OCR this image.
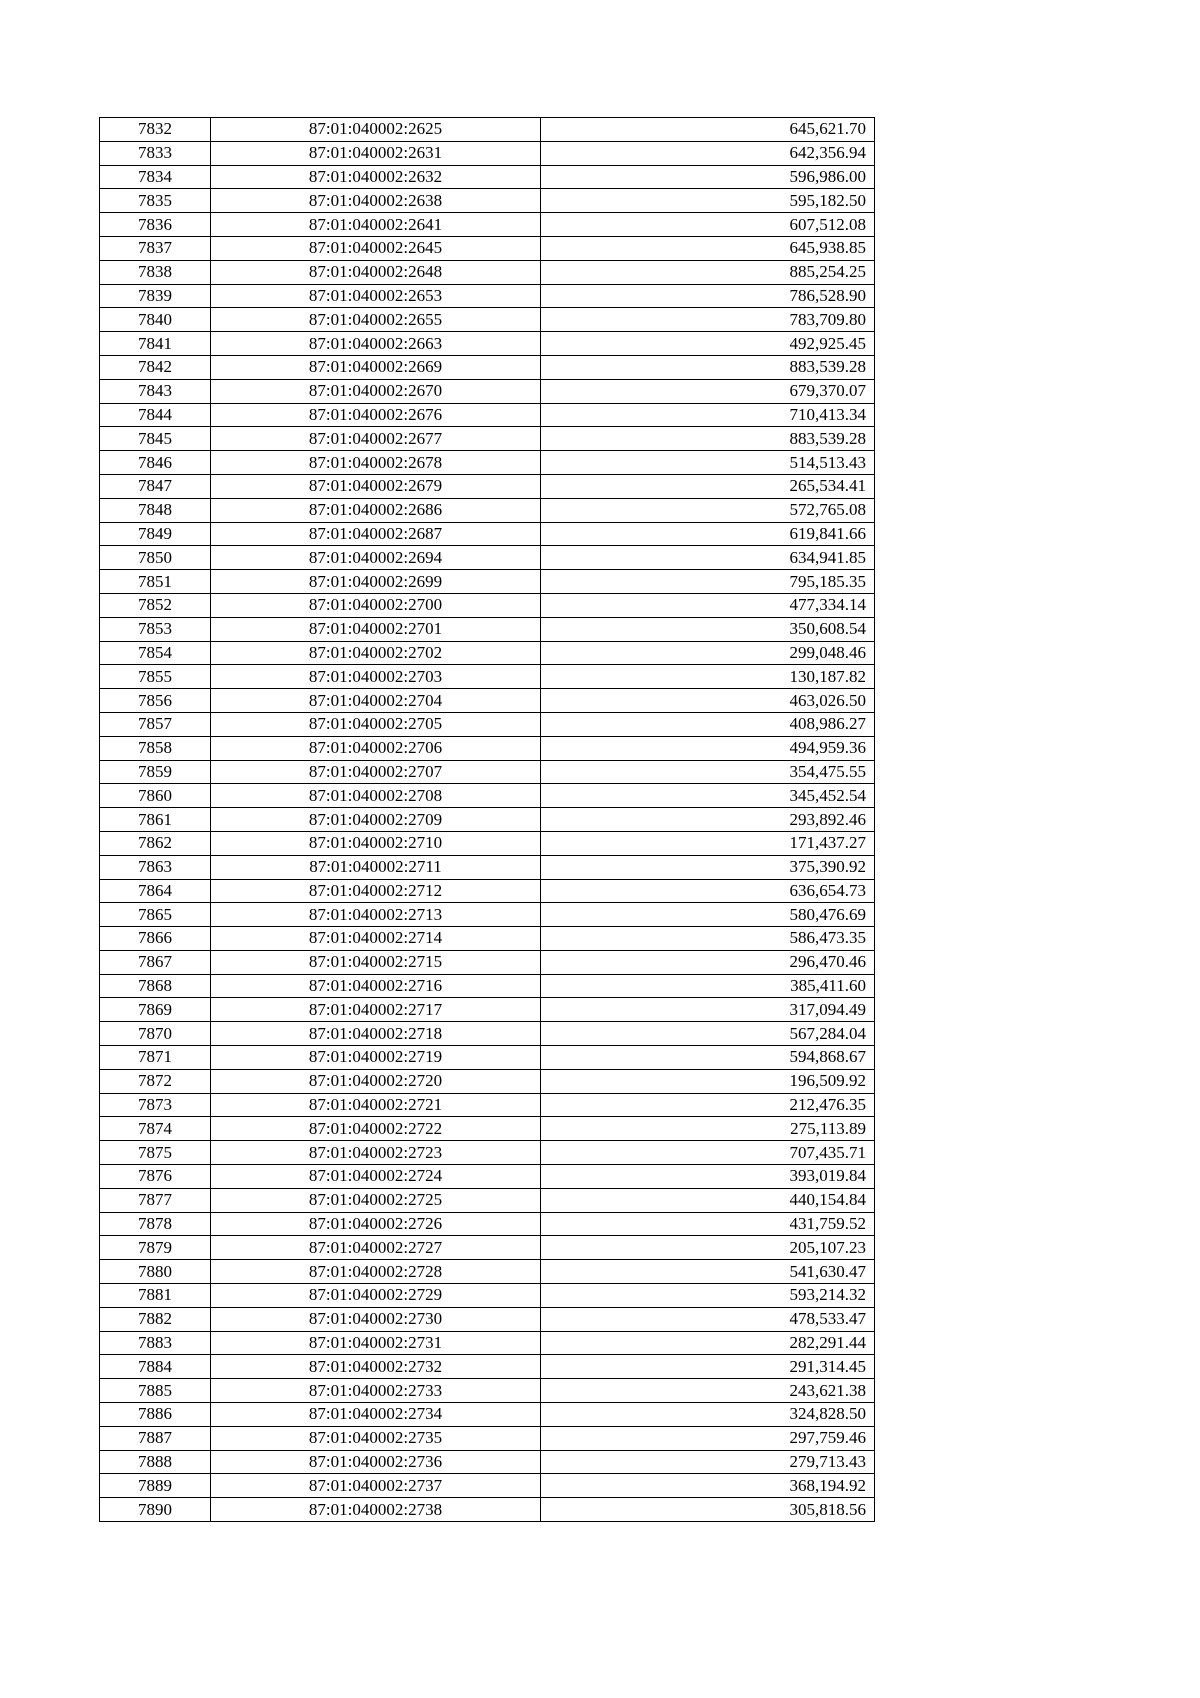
7832	87:01:040002:2625	645,621.70
7833	87:01:040002:2631	642,356.94
7834	87:01:040002:2632	596,986.00
7835	87:01:040002:2638	595,182.50
7836	87:01:040002:2641	607,512.08
7837	87:01:040002:2645	645,938.85
7838	87:01:040002:2648	885,254.25
7839	87:01:040002:2653	786,528.90
7840	87:01:040002:2655	783,709.80
7841	87:01:040002:2663	492,925.45
7842	87:01:040002:2669	883,539.28
7843	87:01:040002:2670	679,370.07
7844	87:01:040002:2676	710,413.34
7845	87:01:040002:2677	883,539.28
7846	87:01:040002:2678	514,513.43
7847	87:01:040002:2679	265,534.41
7848	87:01:040002:2686	572,765.08
7849	87:01:040002:2687	619,841.66
7850	87:01:040002:2694	634,941.85
7851	87:01:040002:2699	795,185.35
7852	87:01:040002:2700	477,334.14
7853	87:01:040002:2701	350,608.54
7854	87:01:040002:2702	299,048.46
7855	87:01:040002:2703	130,187.82
7856	87:01:040002:2704	463,026.50
7857	87:01:040002:2705	408,986.27
7858	87:01:040002:2706	494,959.36
7859	87:01:040002:2707	354,475.55
7860	87:01:040002:2708	345,452.54
7861	87:01:040002:2709	293,892.46
7862	87:01:040002:2710	171,437.27
7863	87:01:040002:2711	375,390.92
7864	87:01:040002:2712	636,654.73
7865	87:01:040002:2713	580,476.69
7866	87:01:040002:2714	586,473.35
7867	87:01:040002:2715	296,470.46
7868	87:01:040002:2716	385,411.60
7869	87:01:040002:2717	317,094.49
7870	87:01:040002:2718	567,284.04
7871	87:01:040002:2719	594,868.67
7872	87:01:040002:2720	196,509.92
7873	87:01:040002:2721	212,476.35
7874	87:01:040002:2722	275,113.89
7875	87:01:040002:2723	707,435.71
7876	87:01:040002:2724	393,019.84
7877	87:01:040002:2725	440,154.84
7878	87:01:040002:2726	431,759.52
7879	87:01:040002:2727	205,107.23
7880	87:01:040002:2728	541,630.47
7881	87:01:040002:2729	593,214.32
7882	87:01:040002:2730	478,533.47
7883	87:01:040002:2731	282,291.44
7884	87:01:040002:2732	291,314.45
7885	87:01:040002:2733	243,621.38
7886	87:01:040002:2734	324,828.50
7887	87:01:040002:2735	297,759.46
7888	87:01:040002:2736	279,713.43
7889	87:01:040002:2737	368,194.92
7890	87:01:040002:2738	305,818.56
